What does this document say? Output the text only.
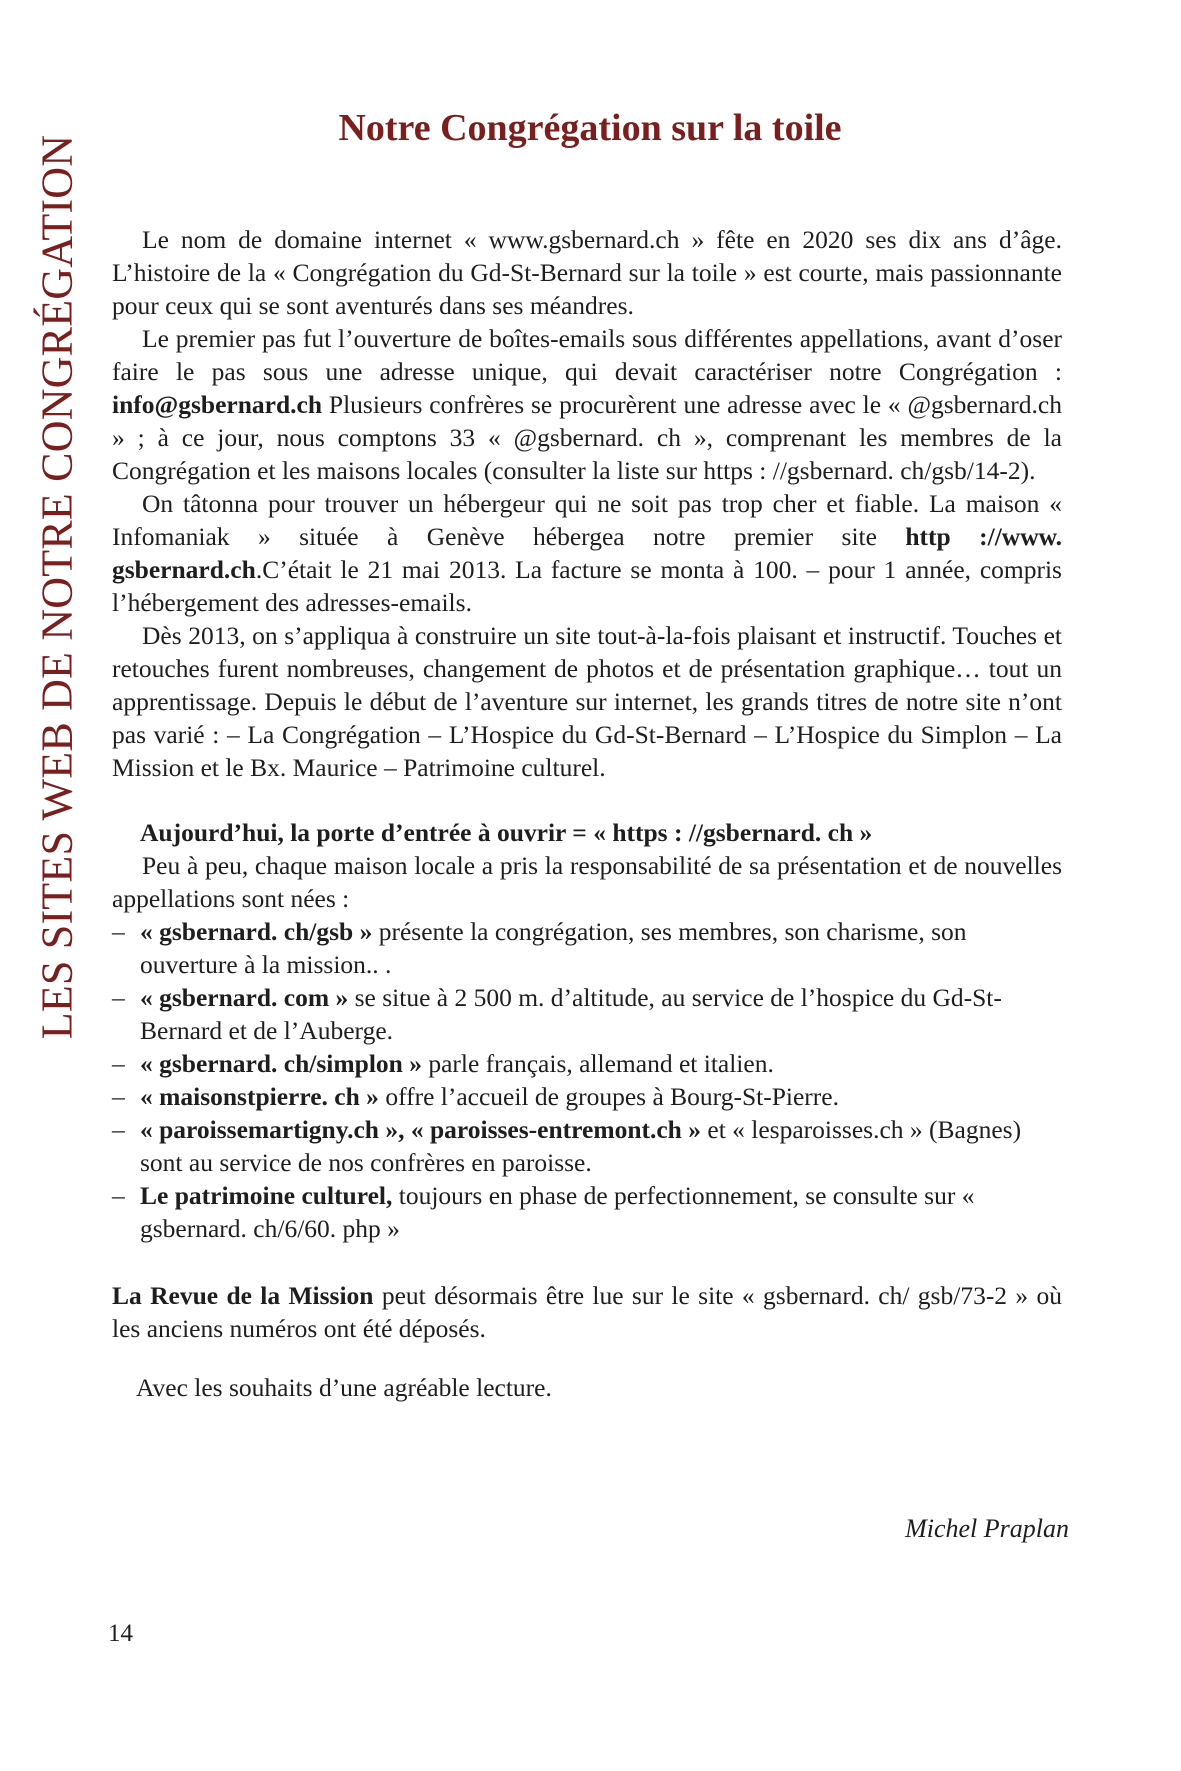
LES SITES WEB DE NOTRE CONGRÉGATION
Notre Congrégation sur la toile

Le nom de domaine internet « www.gsbernard.ch » fête en 2020 ses dix ans d’âge. L’histoire de la « Congrégation du Gd-St-Bernard sur la toile » est courte, mais passionnante pour ceux qui se sont aventurés dans ses méandres.

Le premier pas fut l’ouverture de boîtes-emails sous différentes appellations, avant d’oser faire le pas sous une adresse unique, qui devait caractériser notre Congrégation : info@gsbernard.ch Plusieurs confrères se procurèrent une adresse avec le « @gsbernard.ch » ; à ce jour, nous comptons 33 « @gsbernard. ch », comprenant les membres de la Congrégation et les maisons locales (consulter la liste sur https : //gsbernard. ch/gsb/14-2).

On tâtonna pour trouver un hébergeur qui ne soit pas trop cher et fiable. La maison « Infomaniak » située à Genève hébergea notre premier site http ://www. gsbernard.ch.C’était le 21 mai 2013. La facture se monta à 100. – pour 1 année, compris l’hébergement des adresses-emails.

Dès 2013, on s’appliqua à construire un site tout-à-la-fois plaisant et instructif. Touches et retouches furent nombreuses, changement de photos et de présentation graphique… tout un apprentissage. Depuis le début de l’aventure sur internet, les grands titres de notre site n’ont pas varié : – La Congrégation – L’Hospice du Gd-St-Bernard – L’Hospice du Simplon – La Mission et le Bx. Maurice – Patrimoine culturel.

Aujourd’hui, la porte d’entrée à ouvrir = « https : //gsbernard. ch »

Peu à peu, chaque maison locale a pris la responsabilité de sa présentation et de nouvelles appellations sont nées :

– « gsbernard. ch/gsb » présente la congrégation, ses membres, son charisme, son ouverture à la mission.. .
– « gsbernard. com » se situe à 2 500 m. d’altitude, au service de l’hospice du Gd-St-Bernard et de l’Auberge.
– « gsbernard. ch/simplon » parle français, allemand et italien.
– « maisonstpierre. ch » offre l’accueil de groupes à Bourg-St-Pierre.
– « paroissemartigny.ch », « paroisses-entremont.ch » et « lesparoisses.ch » (Bagnes) sont au service de nos confrères en paroisse.
– Le patrimoine culturel, toujours en phase de perfectionnement, se consulte sur « gsbernard. ch/6/60. php »

La Revue de la Mission peut désormais être lue sur le site « gsbernard. ch/ gsb/73-2 » où les anciens numéros ont été déposés.

Avec les souhaits d’une agréable lecture.

Michel Praplan
14
